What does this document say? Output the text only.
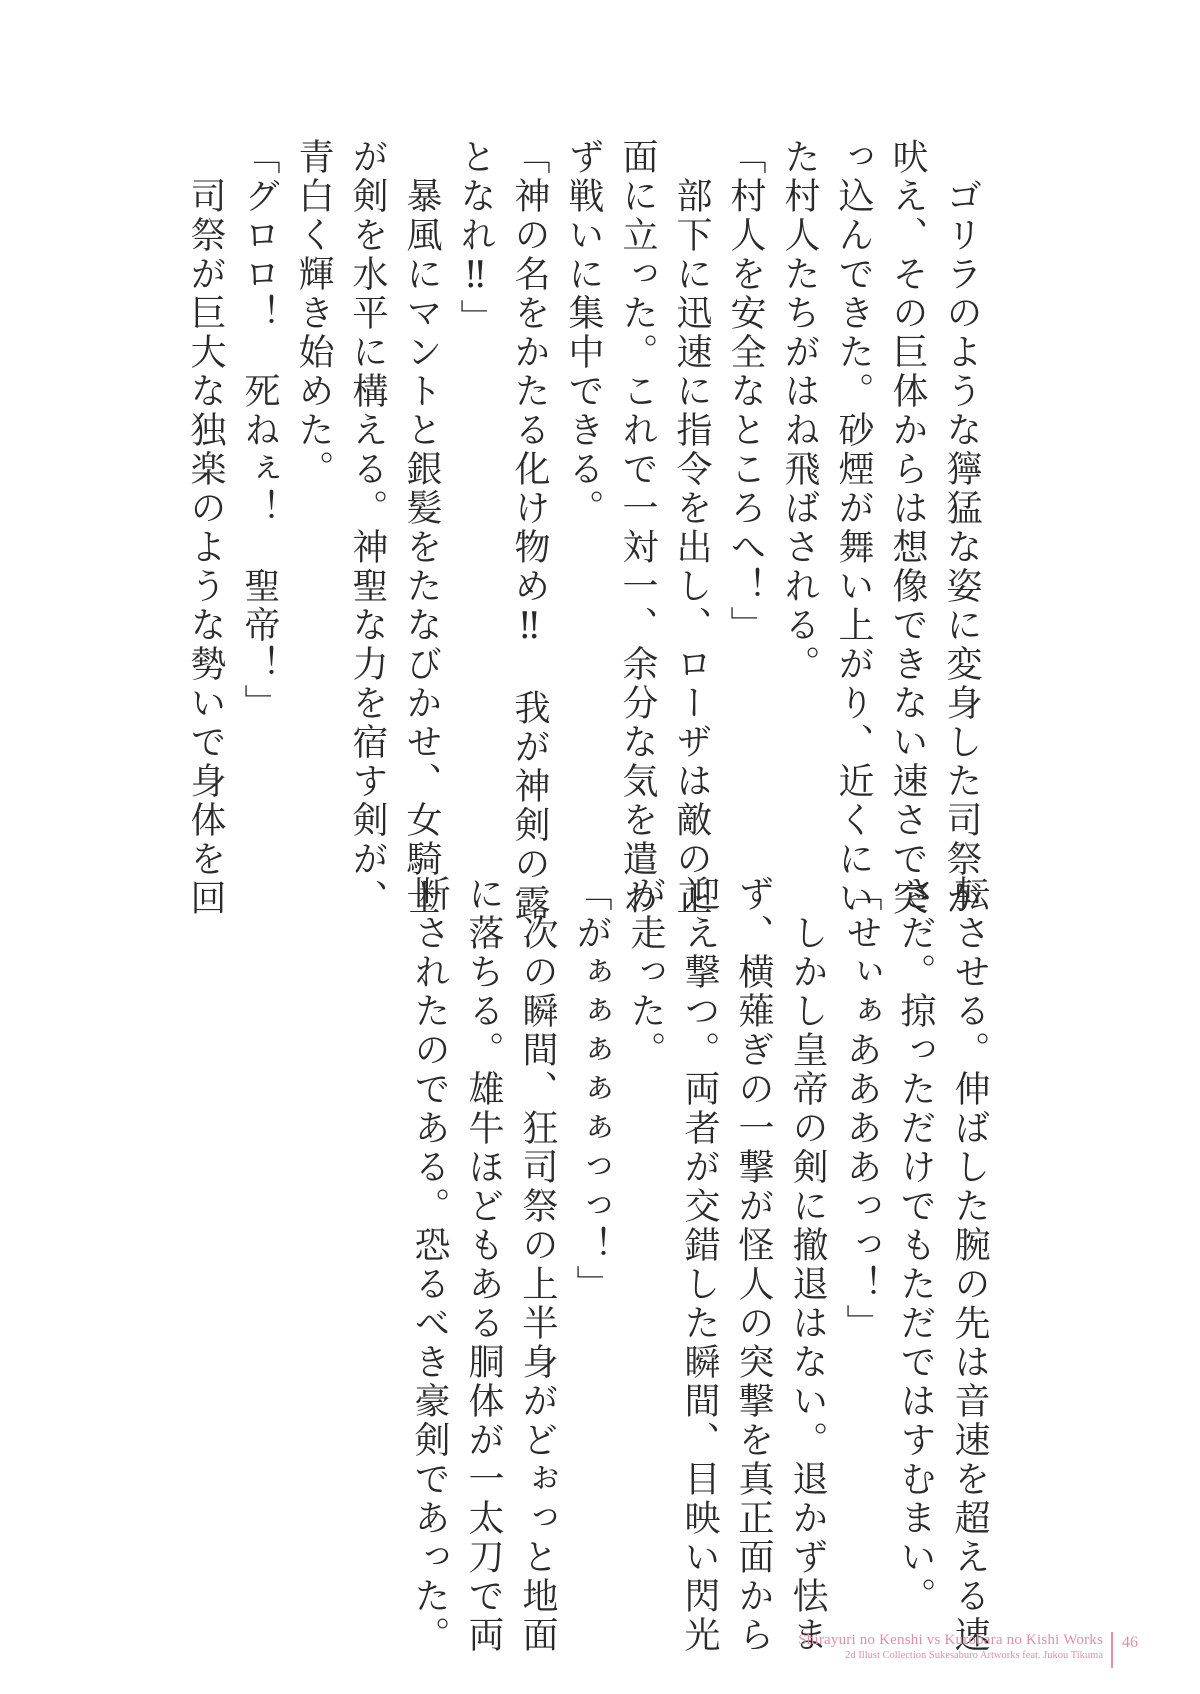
　ゴリラのような獰猛な姿に変身した司祭が
吠え、その巨体からは想像できない速さで突
っ込んできた。砂煙が舞い上がり、近くにい
た村人たちがはね飛ばされる。
「村人を安全なところへ！」
　部下に迅速に指令を出し、ローザは敵の正
面に立った。これで一対一、余分な気を遣わ
ず戦いに集中できる。
「神の名をかたる化け物め‼　我が神剣の露
となれ‼」
　暴風にマントと銀髪をたなびかせ、女騎士
が剣を水平に構える。神聖な力を宿す剣が、
青白く輝き始めた。
「グロロ！　死ねぇ！　聖帝！」
　司祭が巨大な独楽のような勢いで身体を回
転させる。伸ばした腕の先は音速を超える速
さだ。掠っただけでもただではすむまい。
「せぃぁああああっっ！」
　しかし皇帝の剣に撤退はない。退かず怯ま
ず、横薙ぎの一撃が怪人の突撃を真正面から
迎え撃つ。両者が交錯した瞬間、目映い閃光
が走った。
「がぁぁぁぁぁっっ！」
　次の瞬間、狂司祭の上半身がどぉっと地面
に落ちる。雄牛ほどもある胴体が一太刀で両
断されたのである。恐るべき豪剣であった。	Shirayuri no Kenshi vs Kurobara no Kishi Works
2d Illust Collection Sukesaburo Artworks feat. Jukou Tikuma
46
